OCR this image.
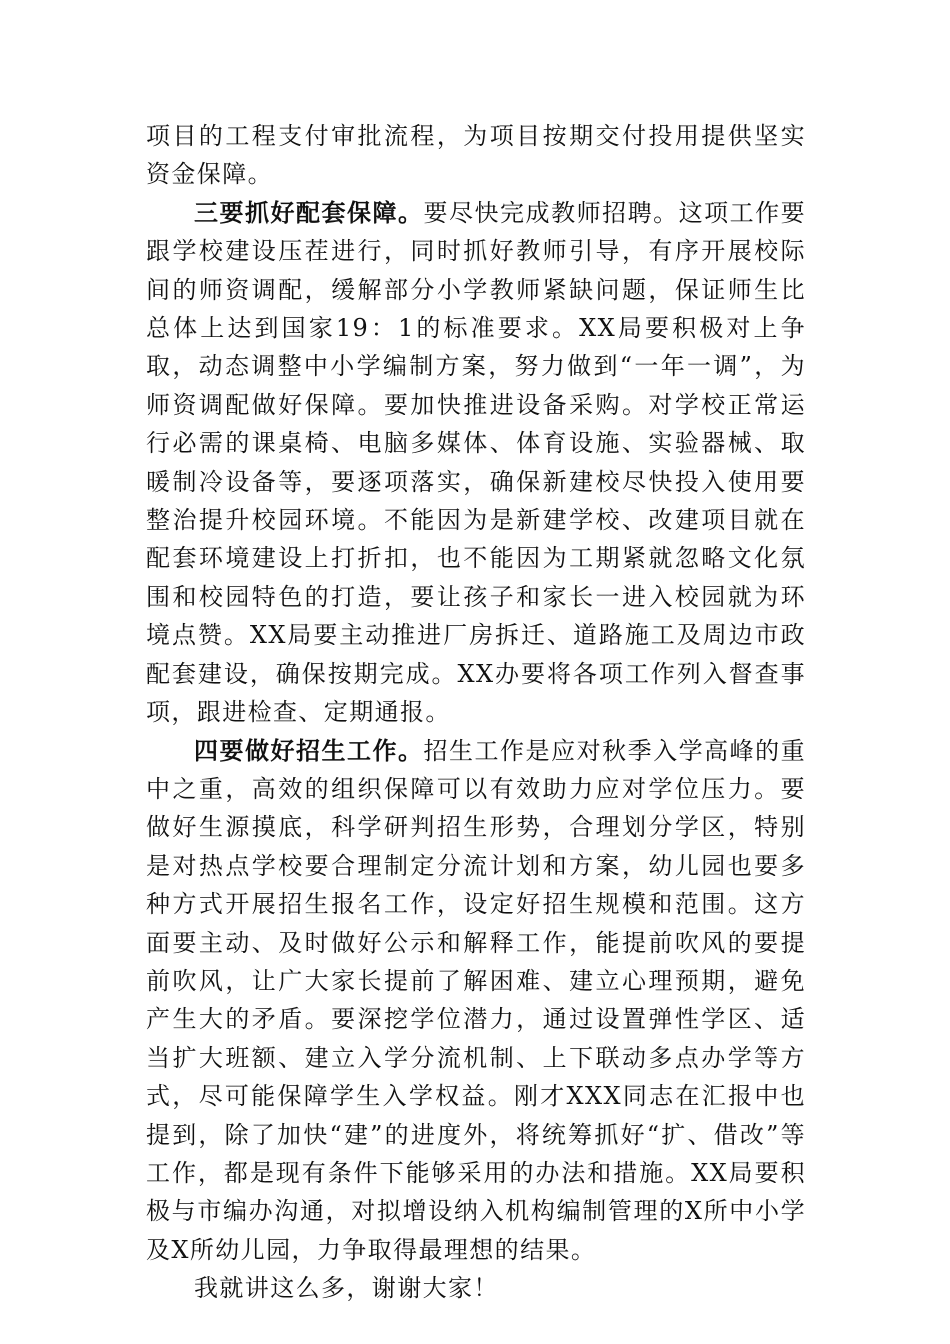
项目的工程支付审批流程，为项目按期交付投用提供坚实资金保障。

三要抓好配套保障。要尽快完成教师招聘。这项工作要跟学校建设压茬进行，同时抓好教师引导，有序开展校际间的师资调配，缓解部分小学教师紧缺问题，保证师生比总体上达到国家19：1的标准要求。XX局要积极对上争取，动态调整中小学编制方案，努力做到“一年一调”，为师资调配做好保障。要加快推进设备采购。对学校正常运行必需的课桌椅、电脑多媒体、体育设施、实验器械、取暖制冷设备等，要逐项落实，确保新建校尽快投入使用要整治提升校园环境。不能因为是新建学校、改建项目就在配套环境建设上打折扣，也不能因为工期紧就忽略文化氛围和校园特色的打造，要让孩子和家长一进入校园就为环境点赞。XX局要主动推进厂房拆迁、道路施工及周边市政配套建设，确保按期完成。XX办要将各项工作列入督查事项，跟进检查、定期通报。

四要做好招生工作。招生工作是应对秋季入学高峰的重中之重，高效的组织保障可以有效助力应对学位压力。要做好生源摸底，科学研判招生形势，合理划分学区，特别是对热点学校要合理制定分流计划和方案，幼儿园也要多种方式开展招生报名工作，设定好招生规模和范围。这方面要主动、及时做好公示和解释工作，能提前吹风的要提前吹风，让广大家长提前了解困难、建立心理预期，避免产生大的矛盾。要深挖学位潜力，通过设置弹性学区、适当扩大班额、建立入学分流机制、上下联动多点办学等方式，尽可能保障学生入学权益。刚才XXX同志在汇报中也提到，除了加快“建”的进度外，将统筹抓好“扩、借改”等工作，都是现有条件下能够采用的办法和措施。XX局要积极与市编办沟通，对拟增设纳入机构编制管理的X所中小学及X所幼儿园，力争取得最理想的结果。

我就讲这么多，谢谢大家！
